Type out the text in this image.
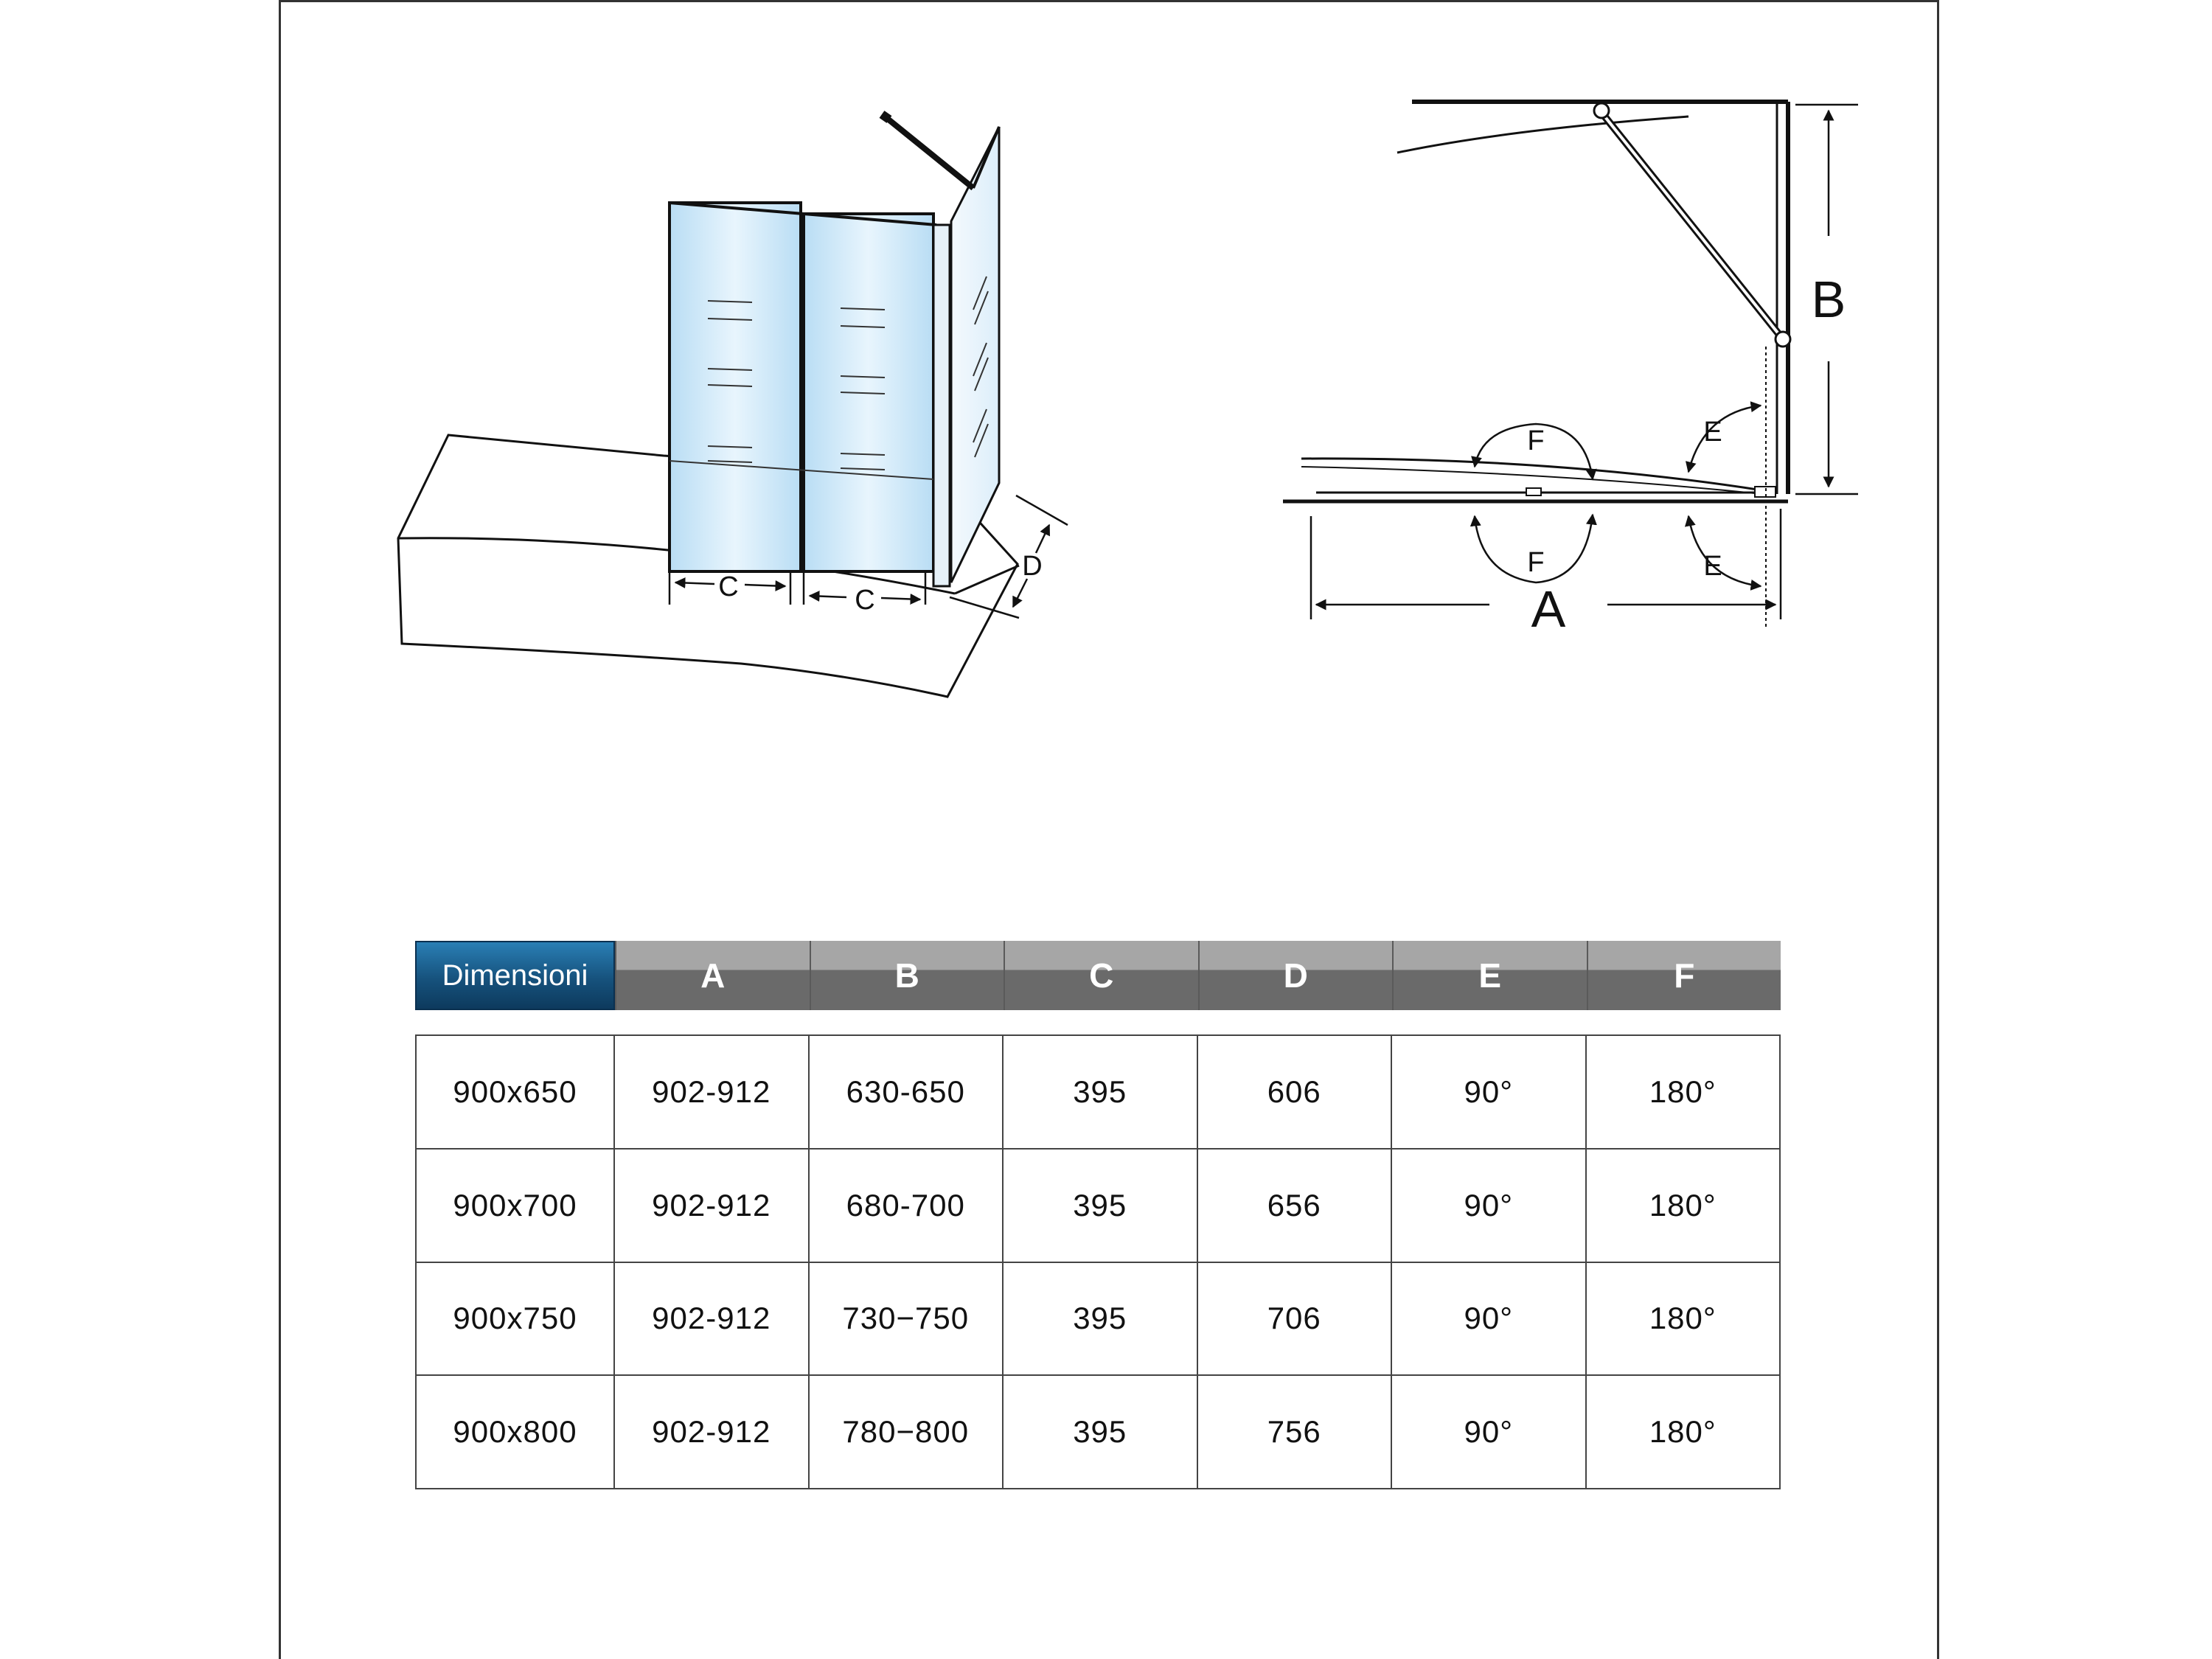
C	C
D
B
A
F
F
E
E
Dimensioni	A	B	C	D	E	F
900x650	902-912	630-650	395	606	90°	180°
900x700	902-912	680-700	395	656	90°	180°
900x750	902-912	730−750	395	706	90°	180°
900x800	902-912	780−800	395	756	90°	180°
